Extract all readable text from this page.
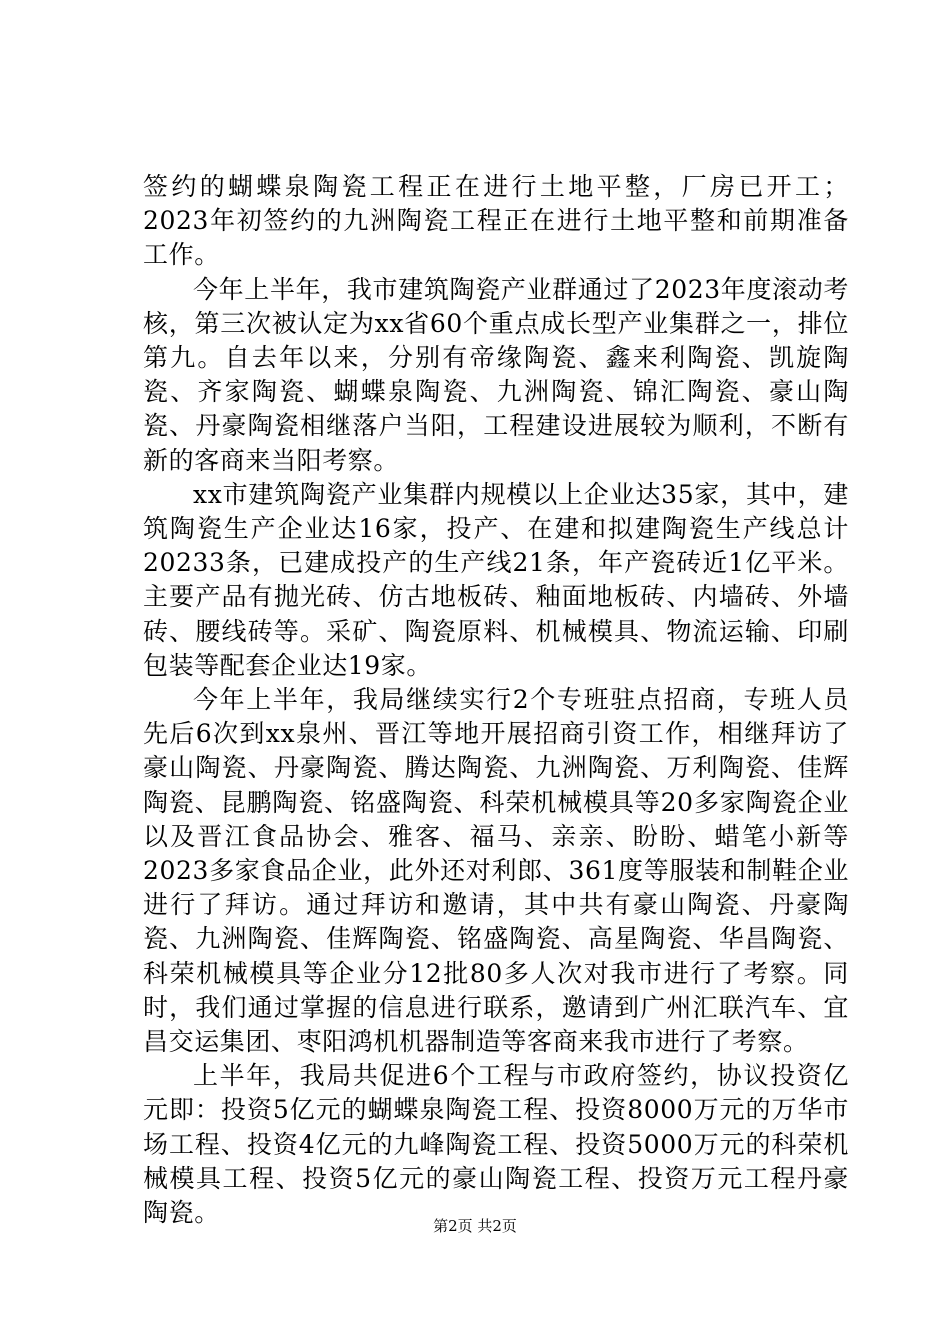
签约的蝴蝶泉陶瓷工程正在进行土地平整，厂房已开工；2023年初签约的九洲陶瓷工程正在进行土地平整和前期准备工作。

今年上半年，我市建筑陶瓷产业群通过了2023年度滚动考核，第三次被认定为xx省60个重点成长型产业集群之一，排位第九。自去年以来，分别有帝缘陶瓷、鑫来利陶瓷、凯旋陶瓷、齐家陶瓷、蝴蝶泉陶瓷、九洲陶瓷、锦汇陶瓷、豪山陶瓷、丹豪陶瓷相继落户当阳，工程建设进展较为顺利，不断有新的客商来当阳考察。

xx市建筑陶瓷产业集群内规模以上企业达35家，其中，建筑陶瓷生产企业达16家，投产、在建和拟建陶瓷生产线总计20233条，已建成投产的生产线21条，年产瓷砖近1亿平米。主要产品有抛光砖、仿古地板砖、釉面地板砖、内墙砖、外墙砖、腰线砖等。采矿、陶瓷原料、机械模具、物流运输、印刷包装等配套企业达19家。

今年上半年，我局继续实行2个专班驻点招商，专班人员先后6次到xx泉州、晋江等地开展招商引资工作，相继拜访了豪山陶瓷、丹豪陶瓷、腾达陶瓷、九洲陶瓷、万利陶瓷、佳辉陶瓷、昆鹏陶瓷、铭盛陶瓷、科荣机械模具等20多家陶瓷企业以及晋江食品协会、雅客、福马、亲亲、盼盼、蜡笔小新等2023多家食品企业，此外还对利郎、361度等服装和制鞋企业进行了拜访。通过拜访和邀请，其中共有豪山陶瓷、丹豪陶瓷、九洲陶瓷、佳辉陶瓷、铭盛陶瓷、高星陶瓷、华昌陶瓷、科荣机械模具等企业分12批80多人次对我市进行了考察。同时，我们通过掌握的信息进行联系，邀请到广州汇联汽车、宜昌交运集团、枣阳鸿机机器制造等客商来我市进行了考察。

上半年，我局共促进6个工程与市政府签约，协议投资亿元即：投资5亿元的蝴蝶泉陶瓷工程、投资8000万元的万华市场工程、投资4亿元的九峰陶瓷工程、投资5000万元的科荣机械模具工程、投资5亿元的豪山陶瓷工程、投资万元工程丹豪陶瓷。	第2页 共2页
